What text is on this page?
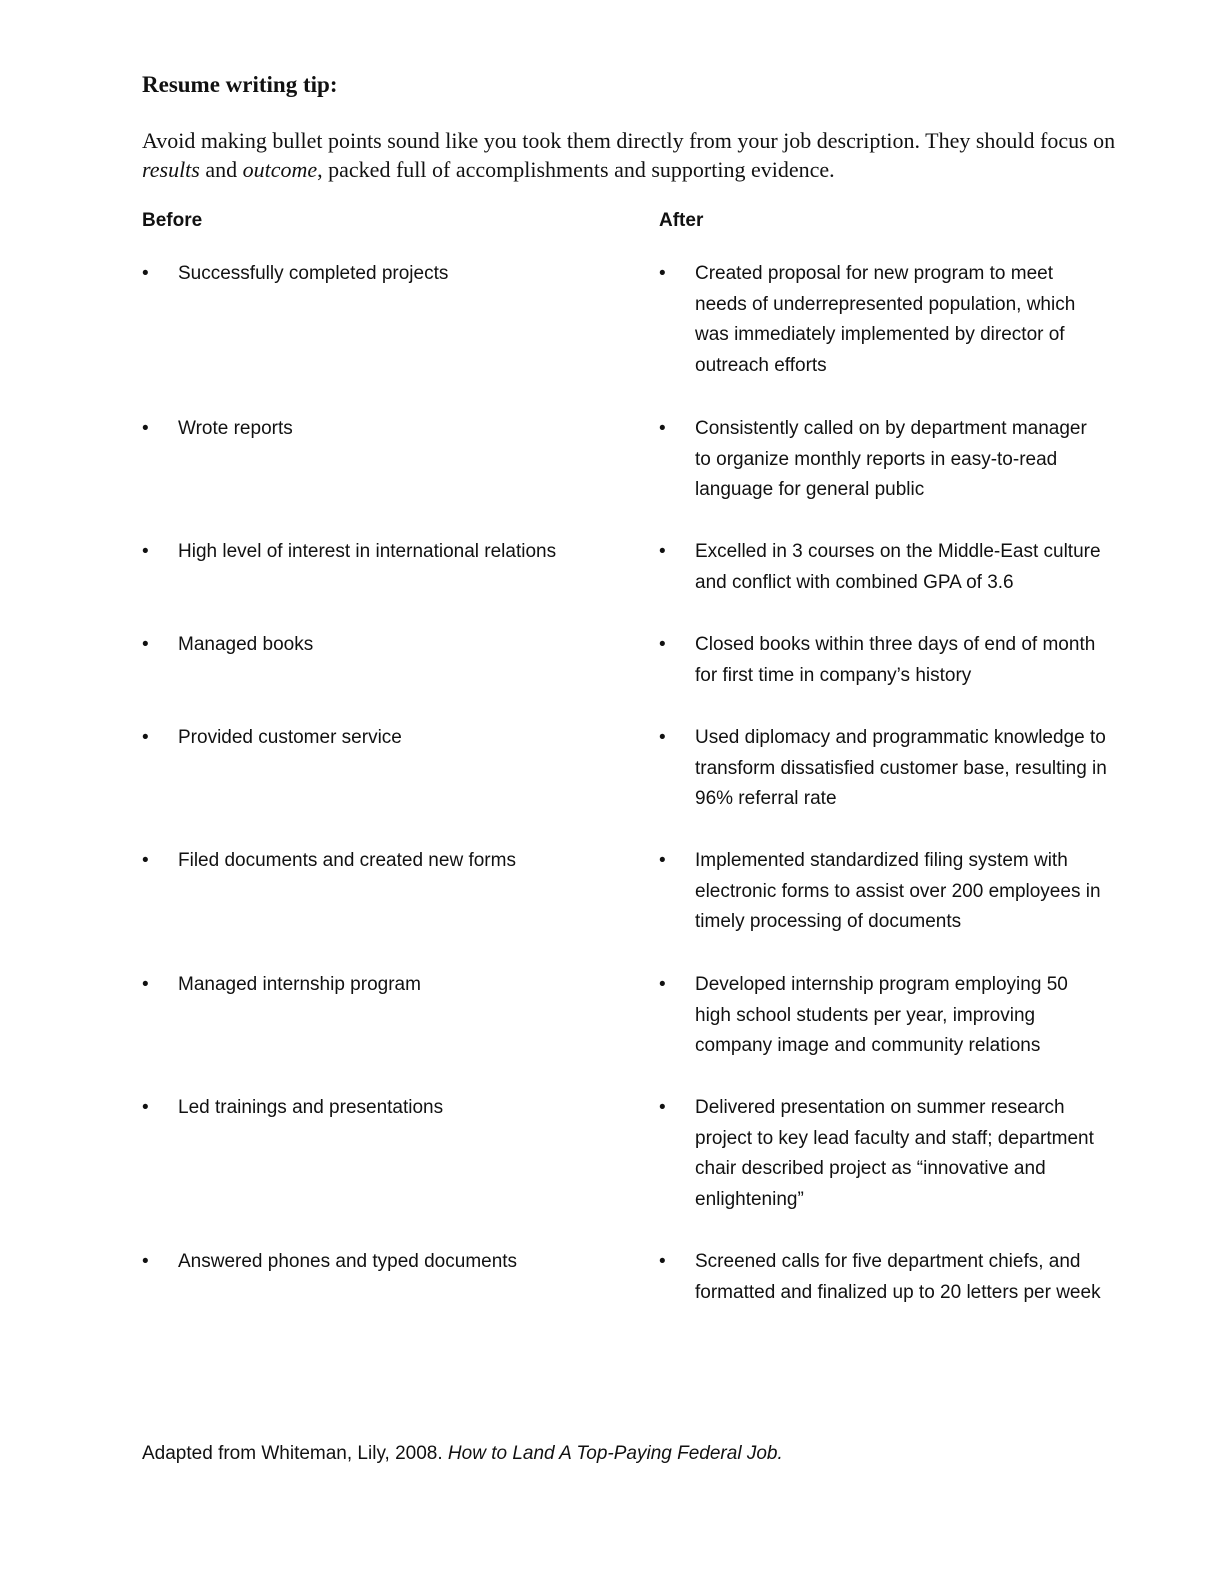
Resume writing tip:
Avoid making bullet points sound like you took them directly from your job description. They should focus on results and outcome, packed full of accomplishments and supporting evidence.
Before	After
•	Successfully completed projects	•	Created proposal for new program to meet needs of underrepresented population, which was immediately implemented by director of outreach efforts
•	Wrote reports	•	Consistently called on by department manager to organize monthly reports in easy-to-read language for general public
•	High level of interest in international relations	•	Excelled in 3 courses on the Middle-East culture and conflict with combined GPA of 3.6
•	Managed books	•	Closed books within three days of end of month for first time in company’s history
•	Provided customer service	•	Used diplomacy and programmatic knowledge to transform dissatisfied customer base, resulting in 96% referral rate
•	Filed documents and created new forms	•	Implemented standardized filing system with electronic forms to assist over 200 employees in timely processing of documents
•	Managed internship program	•	Developed internship program employing 50 high school students per year, improving company image and community relations
•	Led trainings and presentations	•	Delivered presentation on summer research project to key lead faculty and staff; department chair described project as “innovative and enlightening”
•	Answered phones and typed documents	•	Screened calls for five department chiefs, and formatted and finalized up to 20 letters per week
Adapted from Whiteman, Lily, 2008. How to Land A Top-Paying Federal Job.
